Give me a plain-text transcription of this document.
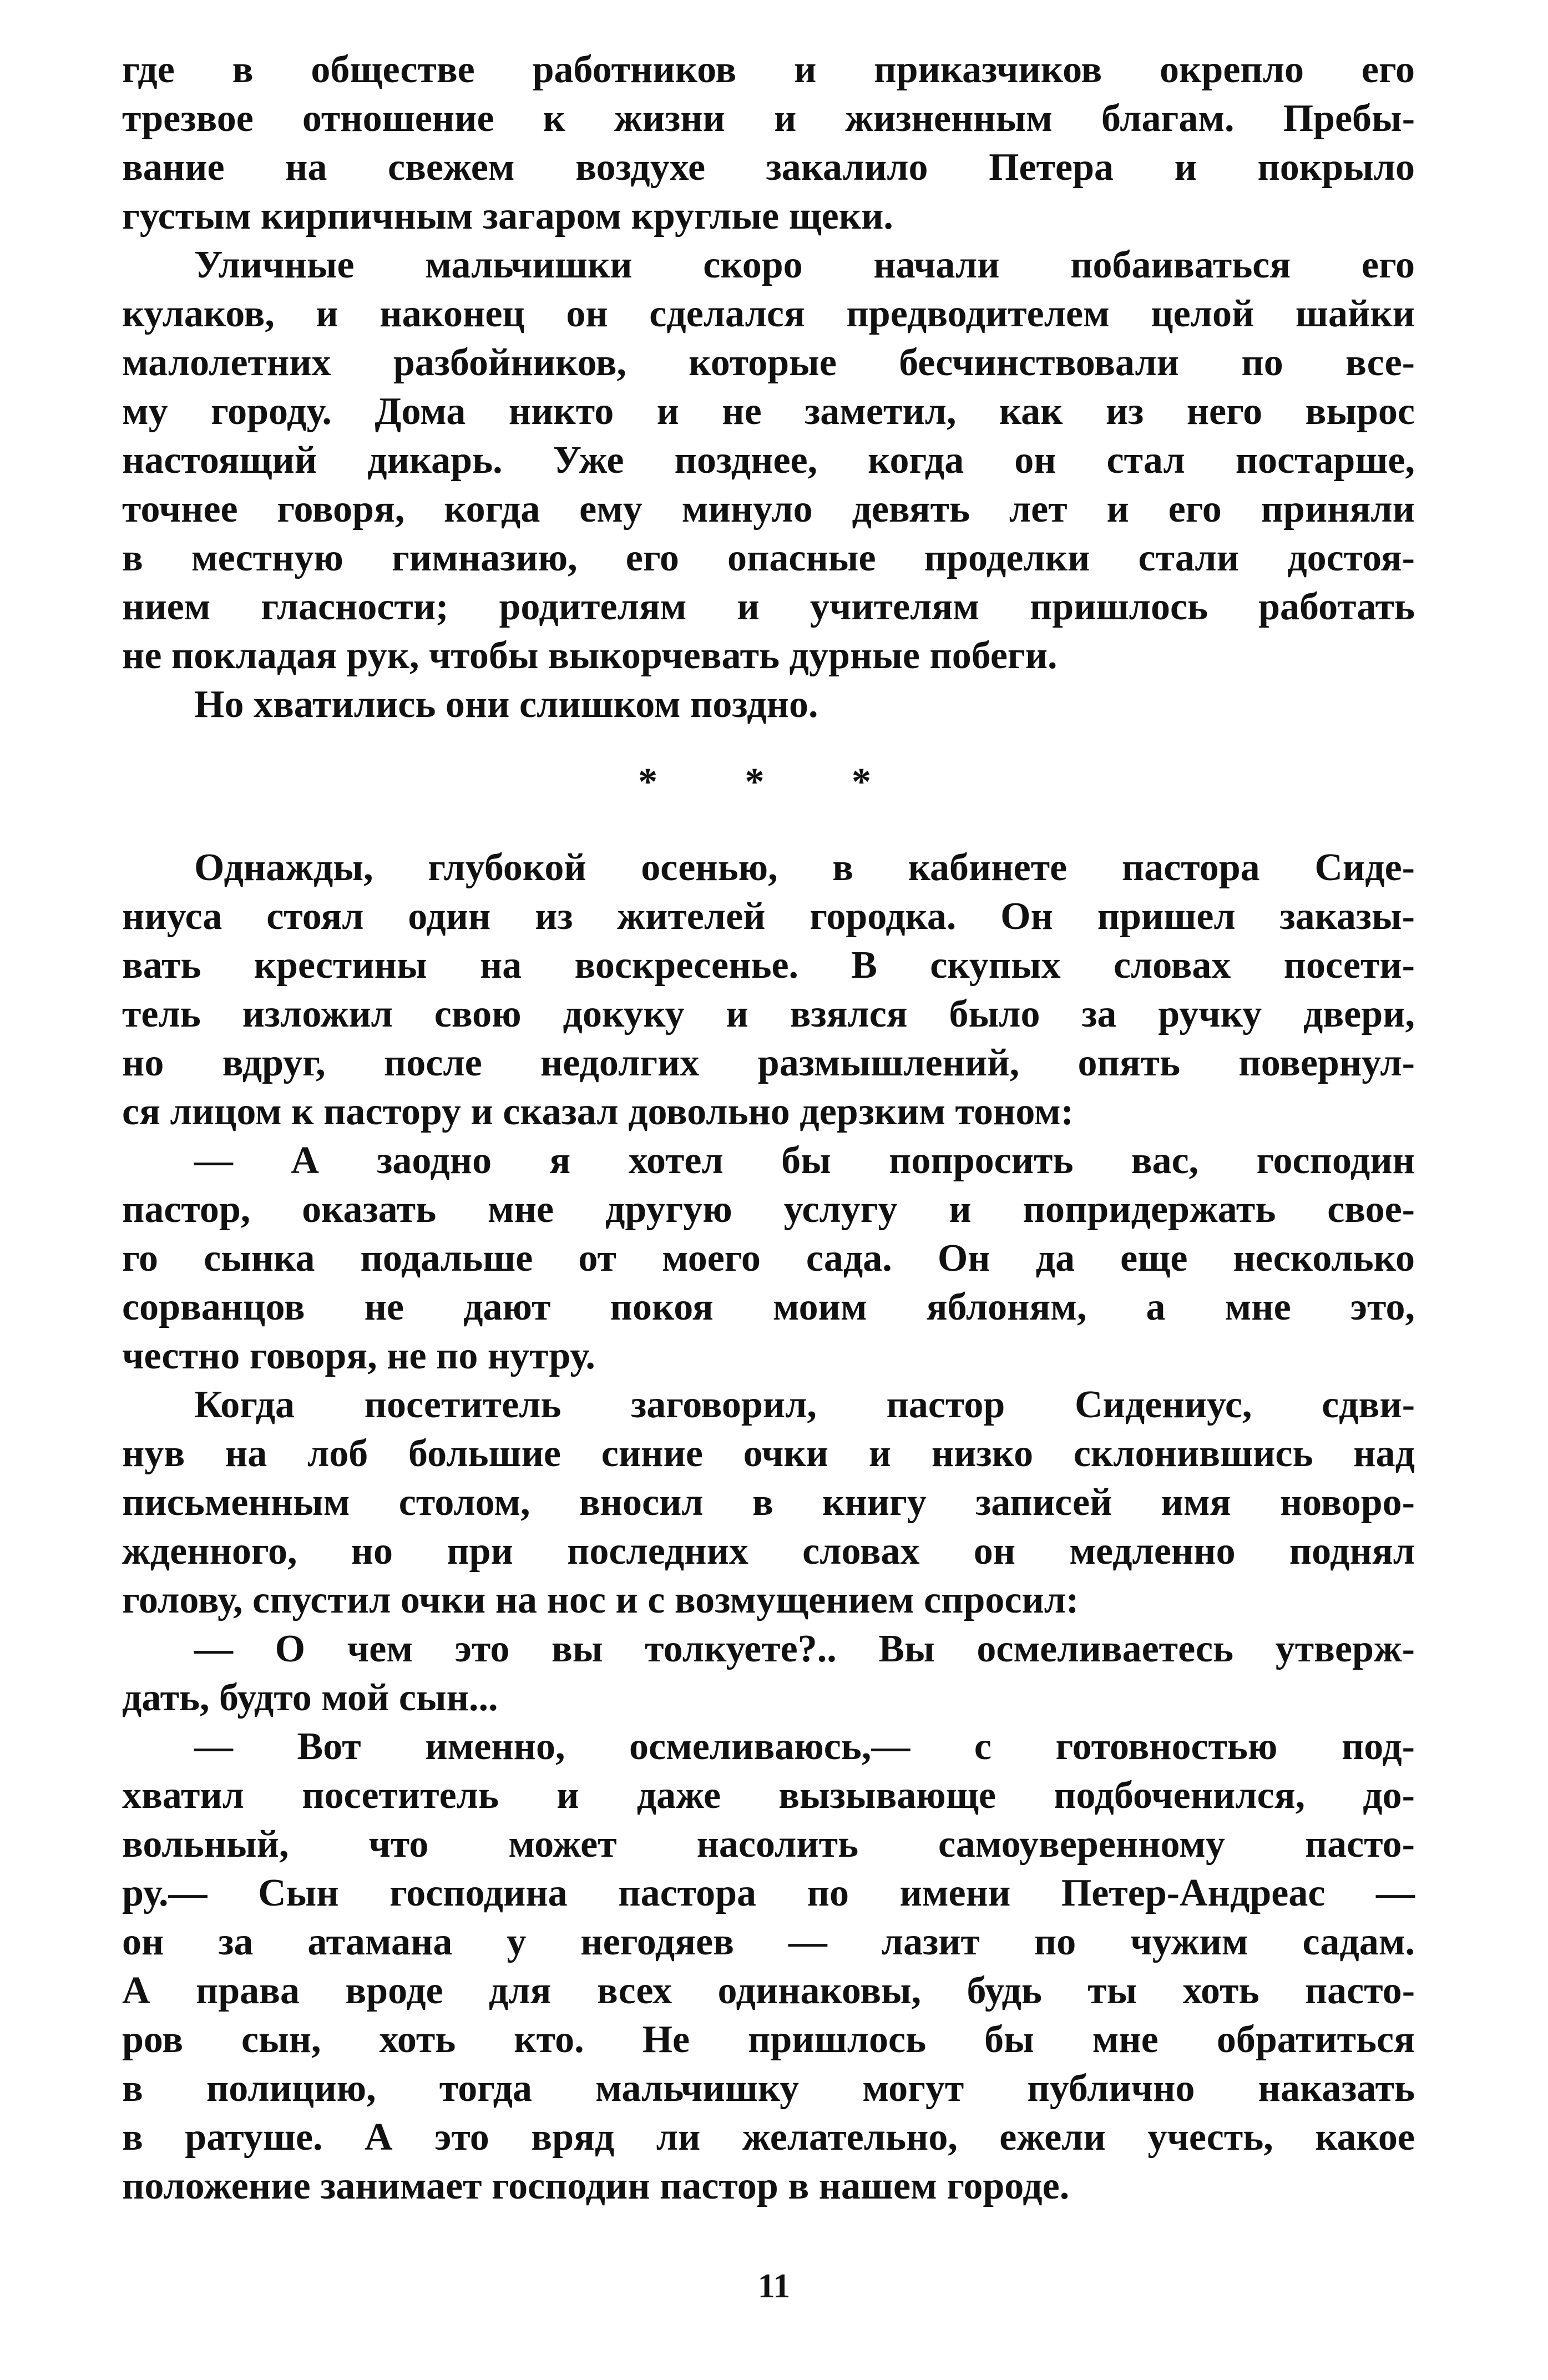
где в обществе работников и приказчиков окрепло его
трезвое отношение к жизни и жизненным благам. Пребы-
вание на свежем воздухе закалило Петера и покрыло
густым кирпичным загаром круглые щеки.
Уличные мальчишки скоро начали побаиваться его
кулаков, и наконец он сделался предводителем целой шайки
малолетних разбойников, которые бесчинствовали по все-
му городу. Дома никто и не заметил, как из него вырос
настоящий дикарь. Уже позднее, когда он стал постарше,
точнее говоря, когда ему минуло девять лет и его приняли
в местную гимназию, его опасные проделки стали достоя-
нием гласности; родителям и учителям пришлось работать
не покладая рук, чтобы выкорчевать дурные побеги.
Но хватились они слишком поздно.
* * *
Однажды, глубокой осенью, в кабинете пастора Сиде-
ниуса стоял один из жителей городка. Он пришел заказы-
вать крестины на воскресенье. В скупых словах посети-
тель изложил свою докуку и взялся было за ручку двери,
но вдруг, после недолгих размышлений, опять повернул-
ся лицом к пастору и сказал довольно дерзким тоном:
— А заодно я хотел бы попросить вас, господин
пастор, оказать мне другую услугу и попридержать свое-
го сынка подальше от моего сада. Он да еще несколько
сорванцов не дают покоя моим яблоням, а мне это,
честно говоря, не по нутру.
Когда посетитель заговорил, пастор Сидениус, сдви-
нув на лоб большие синие очки и низко склонившись над
письменным столом, вносил в книгу записей имя новоро-
жденного, но при последних словах он медленно поднял
голову, спустил очки на нос и с возмущением спросил:
— О чем это вы толкуете?.. Вы осмеливаетесь утверж-
дать, будто мой сын...
— Вот именно, осмеливаюсь,— с готовностью под-
хватил посетитель и даже вызывающе подбоченился, до-
вольный, что может насолить самоуверенному пасто-
ру.— Сын господина пастора по имени Петер-Андреас —
он за атамана у негодяев — лазит по чужим садам.
А права вроде для всех одинаковы, будь ты хоть пасто-
ров сын, хоть кто. Не пришлось бы мне обратиться
в полицию, тогда мальчишку могут публично наказать
в ратуше. А это вряд ли желательно, ежели учесть, какое
положение занимает господин пастор в нашем городе.
11
